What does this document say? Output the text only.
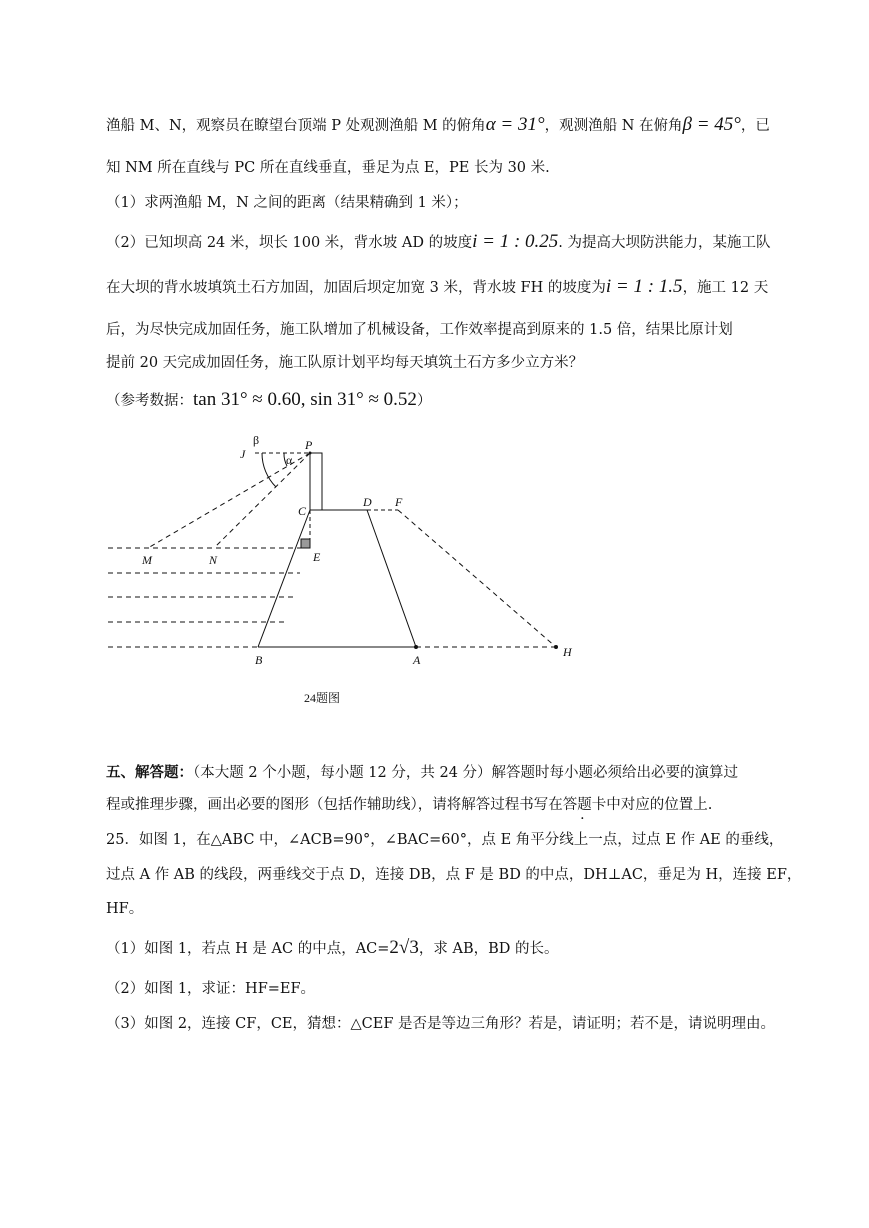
渔船 M、N，观察员在瞭望台顶端 P 处观测渔船 M 的俯角α = 31°，观测渔船 N 在俯角β = 45°，已
知 NM 所在直线与 PC 所在直线垂直，垂足为点 E，PE 长为 30 米.
（1）求两渔船 M，N 之间的距离（结果精确到 1 米）；
（2）已知坝高 24 米，坝长 100 米，背水坡 AD 的坡度i = 1 : 0.25. 为提高大坝防洪能力，某施工队
在大坝的背水坡填筑土石方加固，加固后坝定加宽 3 米，背水坡 FH 的坡度为i = 1 : 1.5，施工 12 天
后，为尽快完成加固任务，施工队增加了机械设备，工作效率提高到原来的 1.5 倍，结果比原计划
提前 20 天完成加固任务，施工队原计划平均每天填筑土石方多少立方米？
（参考数据：tan 31° ≈ 0.60, sin 31° ≈ 0.52）
J
P
α
β
C
D F
M	N	E
B	A
H
24题图
五、解答题：（本大题 2 个小题，每小题 12 分，共 24 分）解答题时每小题必须给出必要的演算过
程或推理步骤，画出必要的图形（包括作辅助线），请将解答过程书写在答题卡中对应的位置上.
25．如图 1，在△ABC 中，∠ACB=90°，∠BAC=60°，点 E 角平分线上一点，过点 E 作 AE 的垂线，
过点 A 作 AB 的线段，两垂线交于点 D，连接 DB，点 F 是 BD 的中点，DH⊥AC，垂足为 H，连接 EF，
HF。
（1）如图 1，若点 H 是 AC 的中点，AC=2√3，求 AB，BD 的长。
（2）如图 1，求证：HF=EF。
（3）如图 2，连接 CF，CE，猜想：△CEF 是否是等边三角形？若是，请证明；若不是，请说明理由。
